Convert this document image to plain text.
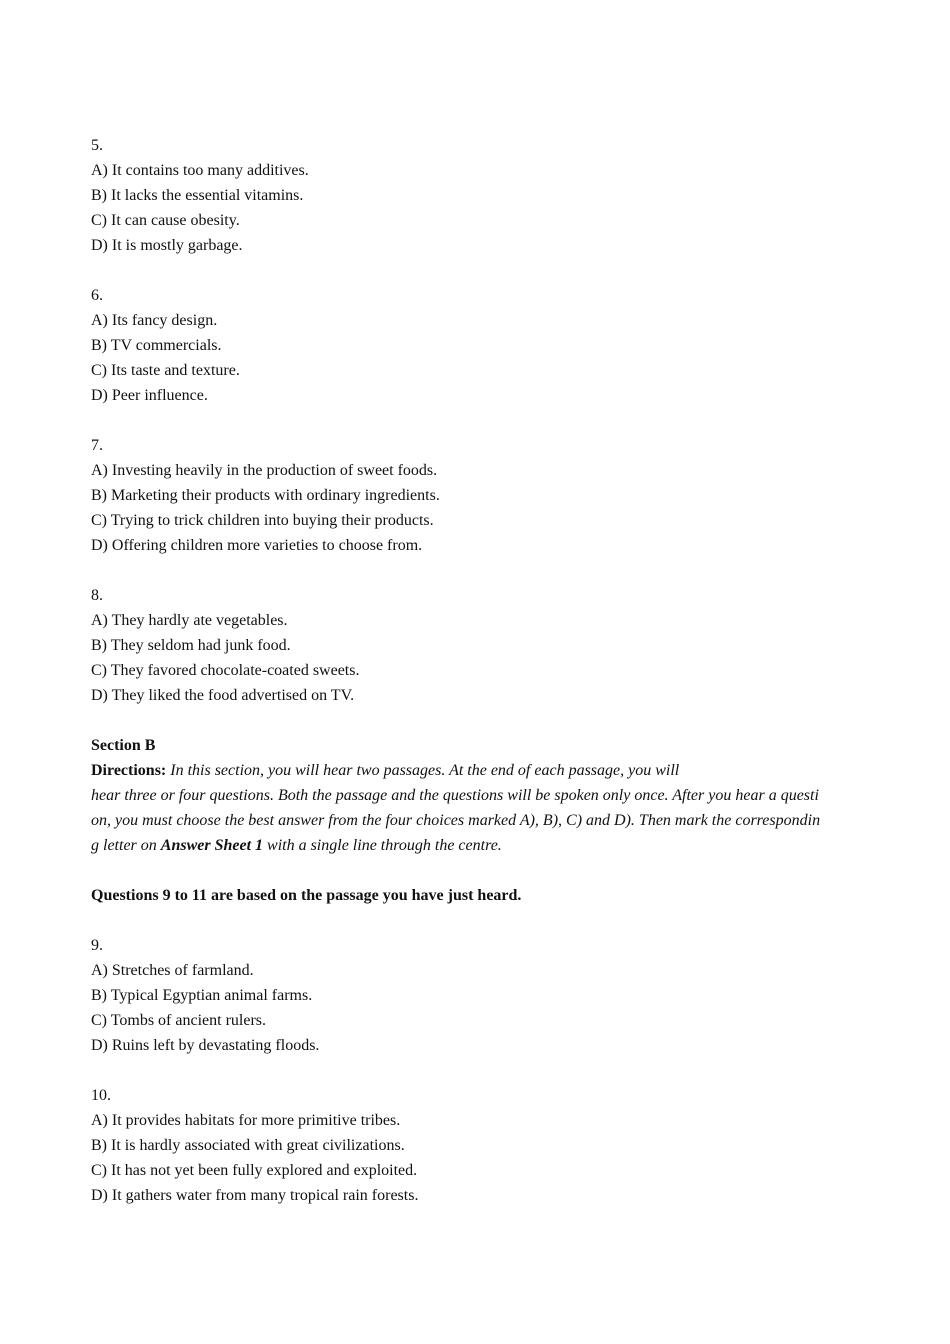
5.
A) It contains too many additives.
B) It lacks the essential vitamins.
C) It can cause obesity.
D) It is mostly garbage.
6.
A) Its fancy design.
B) TV commercials.
C) Its taste and texture.
D) Peer influence.
7.
A) Investing heavily in the production of sweet foods.
B) Marketing their products with ordinary ingredients.
C) Trying to trick children into buying their products.
D) Offering children more varieties to choose from.
8.
A) They hardly ate vegetables.
B) They seldom had junk food.
C) They favored chocolate-coated sweets.
D) They liked the food advertised on TV.
Section B
Directions: In this section, you will hear two passages. At the end of each passage, you will
hear three or four questions. Both the passage and the questions will be spoken only once. After you hear a questi
on, you must choose the best answer from the four choices marked A), B), C) and D). Then mark the correspondin
g letter on Answer Sheet 1 with a single line through the centre.
Questions 9 to 11 are based on the passage you have just heard.
9.
A) Stretches of farmland.
B) Typical Egyptian animal farms.
C) Tombs of ancient rulers.
D) Ruins left by devastating floods.
10.
A) It provides habitats for more primitive tribes.
B) It is hardly associated with great civilizations.
C) It has not yet been fully explored and exploited.
D) It gathers water from many tropical rain forests.
